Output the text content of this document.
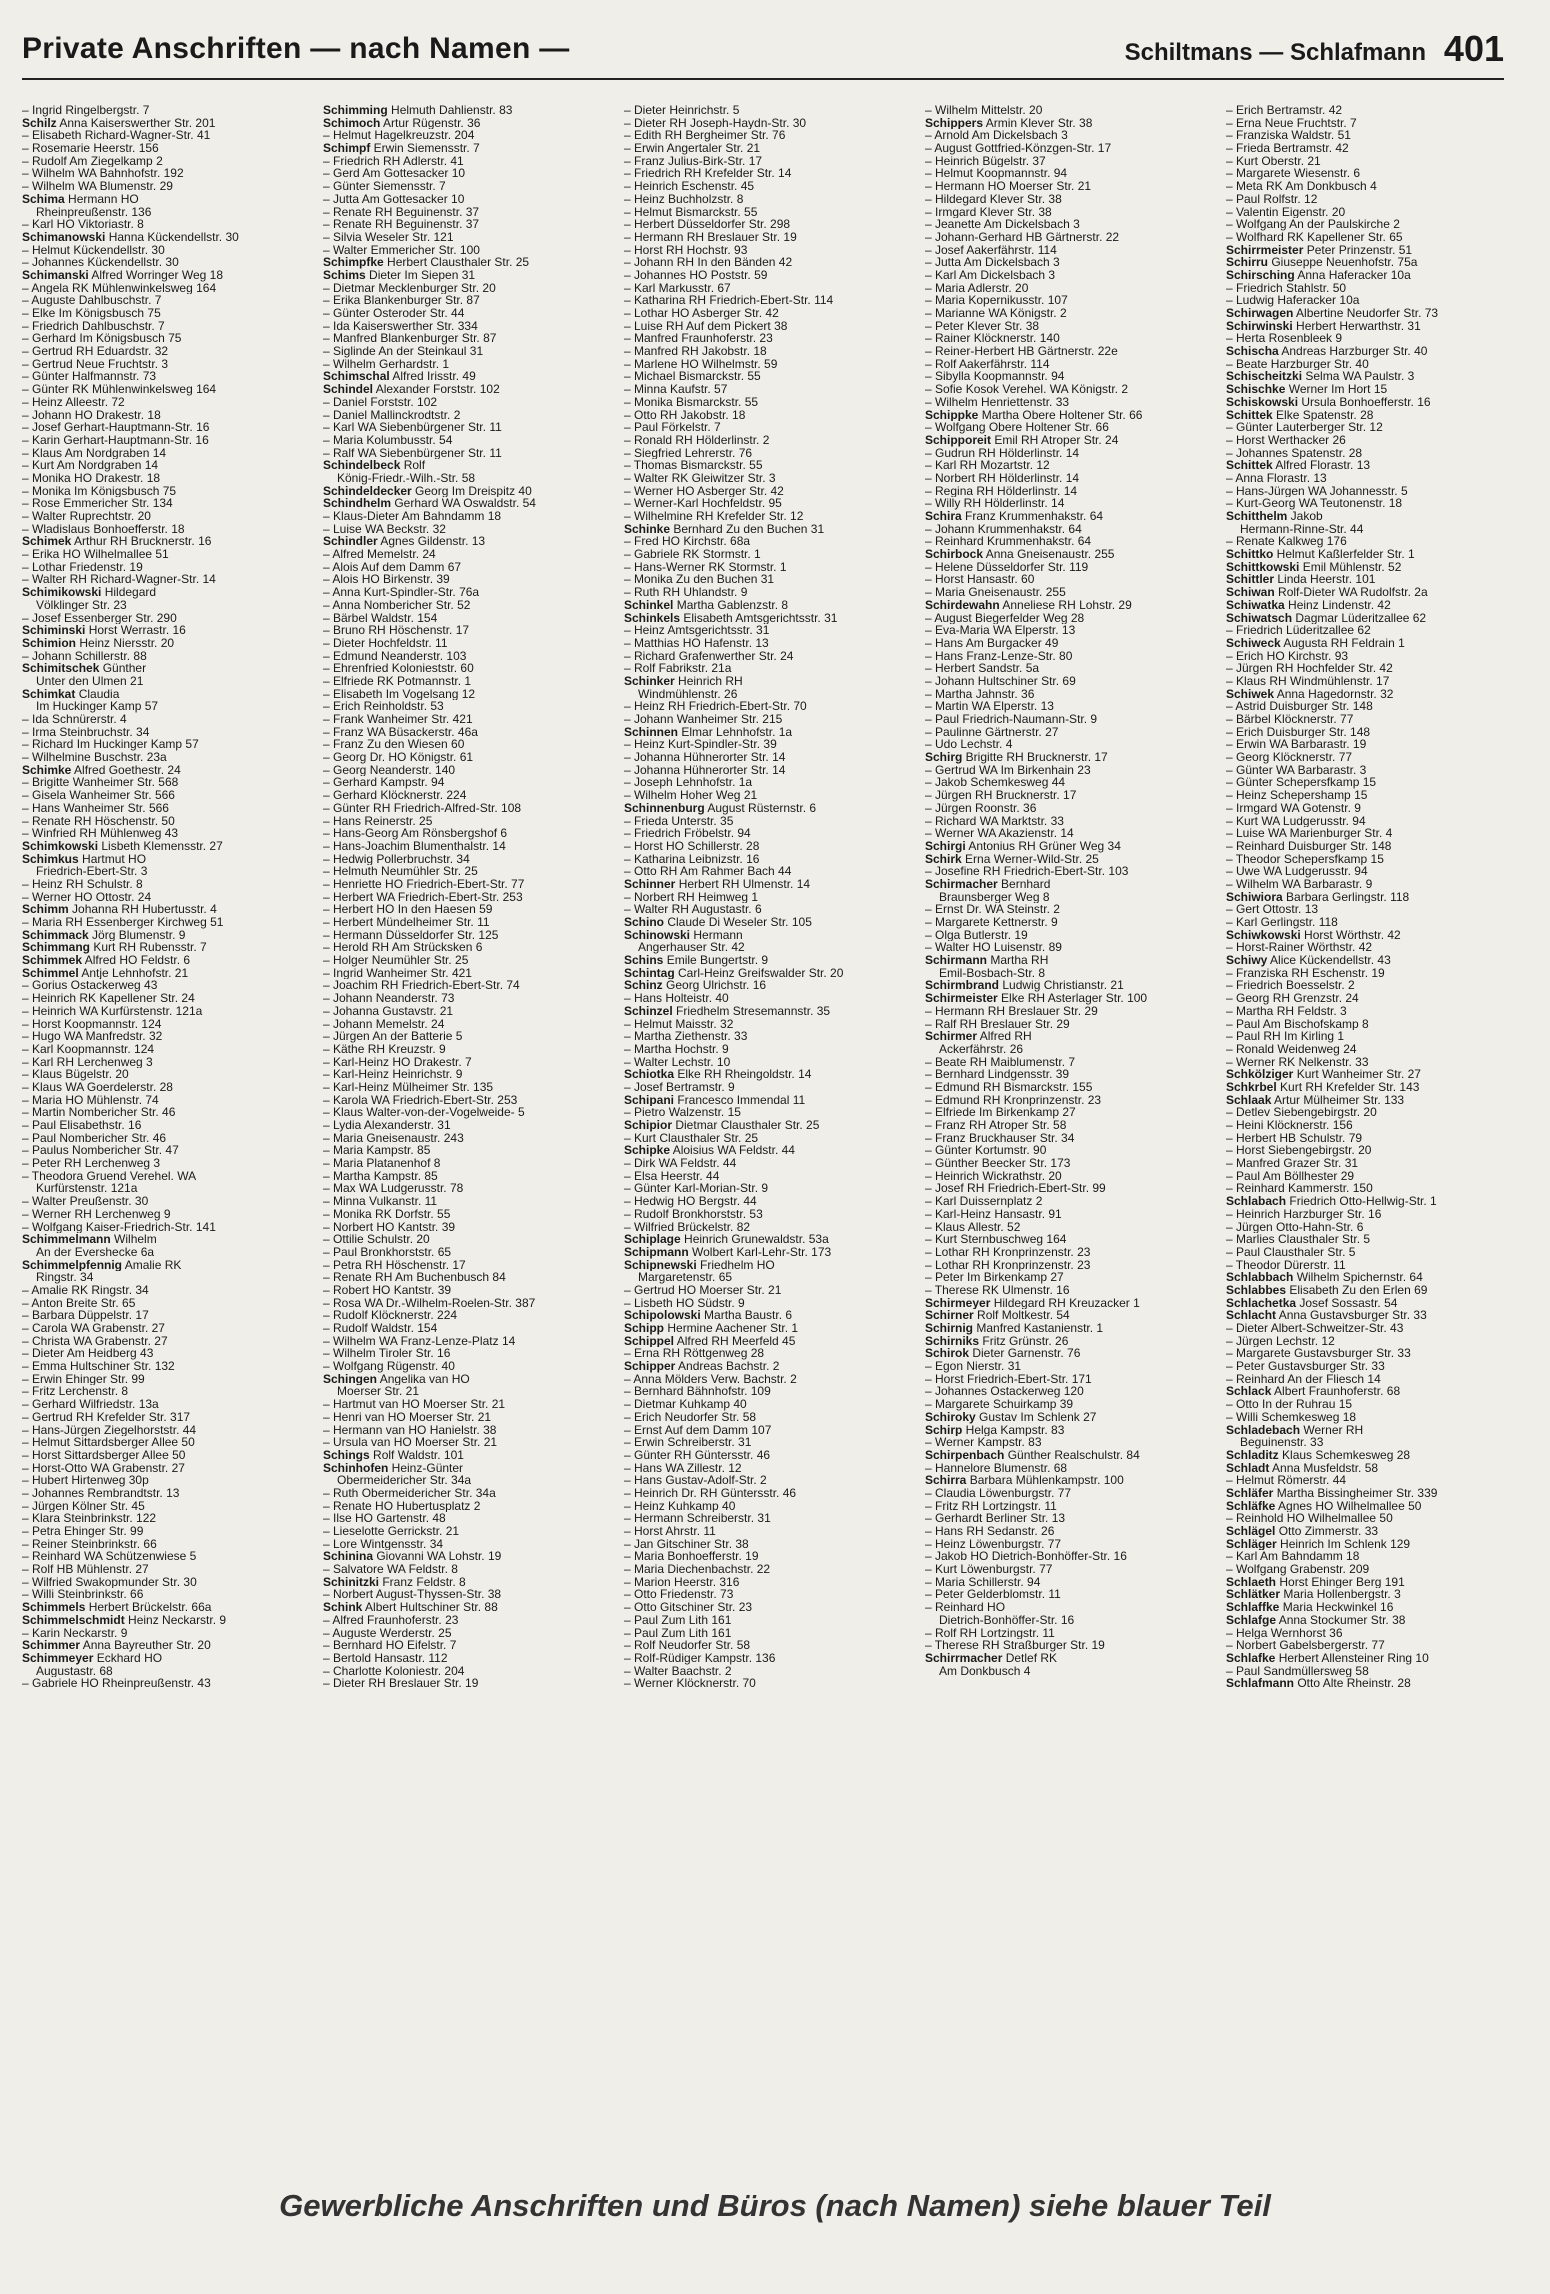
Private Anschriften — nach Namen —	Schiltmans — Schlafmann 401
– Ingrid Ringelbergstr. 7
Schilz Anna Kaiserswerther Str. 201
– Elisabeth Richard-Wagner-Str. 41
– Rosemarie Heerstr. 156
– Rudolf Am Ziegelkamp 2
– Wilhelm WA Bahnhofstr. 192
– Wilhelm WA Blumenstr. 29
Schima Hermann HO
Rheinpreußenstr. 136
– Karl HO Viktoriastr. 8
Schimanowski Hanna Kückendellstr. 30
– Helmut Kückendellstr. 30
– Johannes Kückendellstr. 30
Schimanski Alfred Worringer Weg 18
– Angela RK Mühlenwinkelsweg 164
– Auguste Dahlbuschstr. 7
– Elke Im Königsbusch 75
– Friedrich Dahlbuschstr. 7
– Gerhard Im Königsbusch 75
– Gertrud RH Eduardstr. 32
– Gertrud Neue Fruchtstr. 3
– Günter Halfmannstr. 73
– Günter RK Mühlenwinkelsweg 164
– Heinz Alleestr. 72
– Johann HO Drakestr. 18
– Josef Gerhart-Hauptmann-Str. 16
– Karin Gerhart-Hauptmann-Str. 16
– Klaus Am Nordgraben 14
– Kurt Am Nordgraben 14
– Monika HO Drakestr. 18
– Monika Im Königsbusch 75
– Rose Emmericher Str. 134
– Walter Ruprechtstr. 20
– Wladislaus Bonhoefferstr. 18
Schimek Arthur RH Brucknerstr. 16
– Erika HO Wilhelmallee 51
– Lothar Friedenstr. 19
– Walter RH Richard-Wagner-Str. 14
Schimikowski Hildegard
Völklinger Str. 23
– Josef Essenberger Str. 290
Schiminski Horst Werrastr. 16
Schimion Heinz Niersstr. 20
– Johann Schillerstr. 88
Schimitschek Günther
Unter den Ulmen 21
Schimkat Claudia
Im Huckinger Kamp 57
– Ida Schnürerstr. 4
– Irma Steinbruchstr. 34
– Richard Im Huckinger Kamp 57
– Wilhelmine Buschstr. 23a
Schimke Alfred Goethestr. 24
– Brigitte Wanheimer Str. 568
– Gisela Wanheimer Str. 566
– Hans Wanheimer Str. 566
– Renate RH Höschenstr. 50
– Winfried RH Mühlenweg 43
Schimkowski Lisbeth Klemensstr. 27
Schimkus Hartmut HO
Friedrich-Ebert-Str. 3
– Heinz RH Schulstr. 8
– Werner HO Ottostr. 24
Schimm Johanna RH Hubertusstr. 4
– Maria RH Essenberger Kirchweg 51
Schimmack Jörg Blumenstr. 9
Schimmang Kurt RH Rubensstr. 7
Schimmek Alfred HO Feldstr. 6
Schimmel Antje Lehnhofstr. 21
– Gorius Ostackerweg 43
– Heinrich RK Kapellener Str. 24
– Heinrich WA Kurfürstenstr. 121a
– Horst Koopmannstr. 124
– Hugo WA Manfredstr. 32
– Karl Koopmannstr. 124
– Karl RH Lerchenweg 3
– Klaus Bügelstr. 20
– Klaus WA Goerdelerstr. 28
– Maria HO Mühlenstr. 74
– Martin Nombericher Str. 46
– Paul Elisabethstr. 16
– Paul Nombericher Str. 46
– Paulus Nombericher Str. 47
– Peter RH Lerchenweg 3
– Theodora Gruend Verehel. WA
Kurfürstenstr. 121a
– Walter Preußenstr. 30
– Werner RH Lerchenweg 9
– Wolfgang Kaiser-Friedrich-Str. 141
Schimmelmann Wilhelm
An der Eversheckе 6a
Schimmelpfennig Amalie RK
Ringstr. 34
– Amalie RK Ringstr. 34
– Anton Breite Str. 65
– Barbara Düppelstr. 17
– Carola WA Grabenstr. 27
– Christa WA Grabenstr. 27
– Dieter Am Heidberg 43
– Emma Hultschiner Str. 132
– Erwin Ehinger Str. 99
– Fritz Lerchenstr. 8
– Gerhard Wilfriedstr. 13a
– Gertrud RH Krefelder Str. 317
– Hans-Jürgen Ziegelhorststr. 44
– Helmut Sittardsberger Allee 50
– Horst Sittardsberger Allee 50
– Horst-Otto WA Grabenstr. 27
– Hubert Hirtenweg 30p
– Johannes Rembrandtstr. 13
– Jürgen Kölner Str. 45
– Klara Steinbrinkstr. 122
– Petra Ehinger Str. 99
– Reiner Steinbrinkstr. 66
– Reinhard WA Schützenwiese 5
– Rolf HB Mühlenstr. 27
– Wilfried Swakopmunder Str. 30
– Willi Steinbrinkstr. 66
Schimmels Herbert Brückelstr. 66a
Schimmelschmidt Heinz Neckarstr. 9
– Karin Neckarstr. 9
Schimmer Anna Bayreuther Str. 20
Schimmeyer Eckhard HO
Augustastr. 68
– Gabriele HO Rheinpreußenstr. 43
Schimming Helmuth Dahlienstr. 83
Schimoch Artur Rügenstr. 36
– Helmut Hagelkreuzstr. 204
Schimpf Erwin Siemensstr. 7
– Friedrich RH Adlerstr. 41
– Gerd Am Gottesacker 10
– Günter Siemensstr. 7
– Jutta Am Gottesacker 10
– Renate RH Beguinenstr. 37
– Renate RH Beguinenstr. 37
– Silvia Weseler Str. 121
– Walter Emmericher Str. 100
Schimpfke Herbert Clausthaler Str. 25
Schims Dieter Im Siepen 31
– Dietmar Mecklenburger Str. 20
– Erika Blankenburger Str. 87
– Günter Osteroder Str. 44
– Ida Kaiserswerther Str. 334
– Manfred Blankenburger Str. 87
– Siglinde An der Steinkaul 31
– Wilhelm Gerhardstr. 1
Schimschal Alfred Irisstr. 49
Schindel Alexander Forststr. 102
– Daniel Forststr. 102
– Daniel Mallinckrodtstr. 2
– Karl WA Siebenbürgener Str. 11
– Maria Kolumbusstr. 54
– Ralf WA Siebenbürgener Str. 11
Schindelbeck Rolf
König-Friedr.-Wilh.-Str. 58
Schindeldecker Georg Im Dreispitz 40
Schindhelm Gerhard WA Oswaldstr. 54
– Klaus-Dieter Am Bahndamm 18
– Luise WA Beckstr. 32
Schindler Agnes Gildenstr. 13
– Alfred Memelstr. 24
– Alois Auf dem Damm 67
– Alois HO Birkenstr. 39
– Anna Kurt-Spindler-Str. 76a
– Anna Nombericher Str. 52
– Bärbel Waldstr. 154
– Bruno RH Höschenstr. 17
– Dieter Hochfeldstr. 11
– Edmund Neanderstr. 103
– Ehrenfried Kolonieststr. 60
– Elfriede RK Potmannstr. 1
– Elisabeth Im Vogelsang 12
– Erich Reinholdstr. 53
– Frank Wanheimer Str. 421
– Franz WA Büsackerstr. 46a
– Franz Zu den Wiesen 60
– Georg Dr. HO Königstr. 61
– Georg Neanderstr. 140
– Gerhard Kampstr. 94
– Gerhard Klöcknerstr. 224
– Günter RH Friedrich-Alfred-Str. 108
– Hans Reinerstr. 25
– Hans-Georg Am Rönsbergshof 6
– Hans-Joachim Blumenthalstr. 14
– Hedwig Pollerbruchstr. 34
– Helmuth Neumühler Str. 25
– Henriette HO Friedrich-Ebert-Str. 77
– Herbert WA Friedrich-Ebert-Str. 253
– Herbert HO In den Haesen 59
– Herbert Mündelheimer Str. 11
– Hermann Düsseldorfer Str. 125
– Herold RH Am Strücksken 6
– Holger Neumühler Str. 25
– Ingrid Wanheimer Str. 421
– Joachim RH Friedrich-Ebert-Str. 74
– Johann Neanderstr. 73
– Johanna Gustavstr. 21
– Johann Memelstr. 24
– Jürgen An der Batterie 5
– Käthe RH Kreuzstr. 9
– Karl-Heinz HO Drakestr. 7
– Karl-Heinz Heinrichstr. 9
– Karl-Heinz Mülheimer Str. 135
– Karola WA Friedrich-Ebert-Str. 253
– Klaus Walter-von-der-Vogelweide- 5
– Lydia Alexanderstr. 31
– Maria Gneisenaustr. 243
– Maria Kampstr. 85
– Maria Platanenhof 8
– Martha Kampstr. 85
– Max WA Ludgerusstr. 78
– Minna Vulkanstr. 11
– Monika RK Dorfstr. 55
– Norbert HO Kantstr. 39
– Ottilie Schulstr. 20
– Paul Bronkhorststr. 65
– Petra RH Höschenstr. 17
– Renate RH Am Buchenbusch 84
– Robert HO Kantstr. 39
– Rosa WA Dr.-Wilhelm-Roelen-Str. 387
– Rudolf Klöcknerstr. 224
– Rudolf Waldstr. 154
– Wilhelm WA Franz-Lenze-Platz 14
– Wilhelm Tiroler Str. 16
– Wolfgang Rügenstr. 40
Schingen Angelika van HO
Moerser Str. 21
– Hartmut van HO Moerser Str. 21
– Henri van HO Moerser Str. 21
– Hermann van HO Hanielstr. 38
– Ursula van HO Moerser Str. 21
Schings Rolf Waldstr. 101
Schinhofen Heinz-Günter
Obermeidericher Str. 34a
– Ruth Obermeidericher Str. 34a
– Renate HO Hubertusplatz 2
– Ilse HO Gartenstr. 48
– Lieselotte Gerrickstr. 21
– Lore Wintgensstr. 34
Schinina Giovanni WA Lohstr. 19
– Salvatore WA Feldstr. 8
Schinitzki Franz Feldstr. 8
– Norbert August-Thyssen-Str. 38
Schink Albert Hultschiner Str. 88
– Alfred Fraunhoferstr. 23
– Auguste Werderstr. 25
– Bernhard HO Eifelstr. 7
– Bertold Hansastr. 112
– Charlotte Koloniestr. 204
– Dieter RH Breslauer Str. 19
– Dieter Heinrichstr. 5
– Dieter RH Joseph-Haydn-Str. 30
– Edith RH Bergheimer Str. 76
– Erwin Angertaler Str. 21
– Franz Julius-Birk-Str. 17
– Friedrich RH Krefelder Str. 14
– Heinrich Eschenstr. 45
– Heinz Buchholzstr. 8
– Helmut Bismarckstr. 55
– Herbert Düsseldorfer Str. 298
– Hermann RH Breslauer Str. 19
– Horst RH Hochstr. 93
– Johann RH In den Bänden 42
– Johannes HO Poststr. 59
– Karl Markusstr. 67
– Katharina RH Friedrich-Ebert-Str. 114
– Lothar HO Asberger Str. 42
– Luise RH Auf dem Pickert 38
– Manfred Fraunhoferstr. 23
– Manfred RH Jakobstr. 18
– Marlene HO Wilhelmstr. 59
– Michael Bismarckstr. 55
– Minna Kaufstr. 57
– Monika Bismarckstr. 55
– Otto RH Jakobstr. 18
– Paul Förkelstr. 7
– Ronald RH Hölderlinstr. 2
– Siegfried Lehrerstr. 76
– Thomas Bismarckstr. 55
– Walter RK Gleiwitzer Str. 3
– Werner HO Asberger Str. 42
– Werner-Karl Hochfeldstr. 95
– Wilhelmine RH Krefelder Str. 12
Schinke Bernhard Zu den Buchen 31
– Fred HO Kirchstr. 68a
– Gabriele RK Stormstr. 1
– Hans-Werner RK Stormstr. 1
– Monika Zu den Buchen 31
– Ruth RH Uhlandstr. 9
Schinkel Martha Gablenzstr. 8
Schinkels Elisabeth Amtsgerichtsstr. 31
– Heinz Amtsgerichtsstr. 31
– Matthias HO Hafenstr. 13
– Richard Grafenwerther Str. 24
– Rolf Fabrikstr. 21a
Schinker Heinrich RH
Windmühlenstr. 26
– Heinz RH Friedrich-Ebert-Str. 70
– Johann Wanheimer Str. 215
Schinnen Elmar Lehnhofstr. 1a
– Heinz Kurt-Spindler-Str. 39
– Johanna Hühnerorter Str. 14
– Johanna Hühnerorter Str. 14
– Joseph Lehnhofstr. 1a
– Wilhelm Hoher Weg 21
Schinnenburg August Rüsternstr. 6
– Frieda Unterstr. 35
– Friedrich Fröbelstr. 94
– Horst HO Schillerstr. 28
– Katharina Leibnizstr. 16
– Otto RH Am Rahmer Bach 44
Schinner Herbert RH Ulmenstr. 14
– Norbert RH Heimweg 1
– Walter RH Augustastr. 6
Schino Claude Di Weseler Str. 105
Schinowski Hermann
Angerhauser Str. 42
Schins Emile Bungertstr. 9
Schintag Carl-Heinz Greifswalder Str. 20
Schinz Georg Ulrichstr. 16
– Hans Holteistr. 40
Schinzel Friedhelm Stresemannstr. 35
– Helmut Maisstr. 32
– Martha Ziethenstr. 33
– Martha Hochstr. 9
– Walter Lechstr. 10
Schiotka Elke RH Rheingoldstr. 14
– Josef Bertramstr. 9
Schipani Francesco Immendal 11
– Pietro Walzenstr. 15
Schipior Dietmar Clausthaler Str. 25
– Kurt Clausthaler Str. 25
Schipke Aloisius WA Feldstr. 44
– Dirk WA Feldstr. 44
– Elsa Heerstr. 44
– Günter Karl-Morian-Str. 9
– Hedwig HO Bergstr. 44
– Rudolf Bronkhorststr. 53
– Wilfried Brückelstr. 82
Schiplage Heinrich Grunewaldstr. 53a
Schipmann Wolbert Karl-Lehr-Str. 173
Schipnewski Friedhelm HO
Margaretenstr. 65
– Gertrud HO Moerser Str. 21
– Lisbeth HO Südstr. 9
Schipolowski Martha Baustr. 6
Schipp Hermine Aachener Str. 1
Schippel Alfred RH Meerfeld 45
– Erna RH Röttgenweg 28
Schipper Andreas Bachstr. 2
– Anna Mölders Verw. Bachstr. 2
– Bernhard Bähnhofstr. 109
– Dietmar Kuhkamp 40
– Erich Neudorfer Str. 58
– Ernst Auf dem Damm 107
– Erwin Schreiberstr. 31
– Günter RH Güntersstr. 46
– Hans WA Zillestr. 12
– Hans Gustav-Adolf-Str. 2
– Heinrich Dr. RH Güntersstr. 46
– Heinz Kuhkamp 40
– Hermann Schreiberstr. 31
– Horst Ahrstr. 11
– Jan Gitschiner Str. 38
– Maria Bonhoefferstr. 19
– Maria Diechenbachstr. 22
– Marion Heerstr. 316
– Otto Friedenstr. 73
– Otto Gitschiner Str. 23
– Paul Zum Lith 161
– Paul Zum Lith 161
– Rolf Neudorfer Str. 58
– Rolf-Rüdiger Kampstr. 136
– Walter Baachstr. 2
– Werner Klöcknerstr. 70
– Wilhelm Mittelstr. 20
Schippers Armin Klever Str. 38
– Arnold Am Dickelsbach 3
– August Gottfried-Könzgen-Str. 17
– Heinrich Bügelstr. 37
– Helmut Koopmannstr. 94
– Hermann HO Moerser Str. 21
– Hildegard Klever Str. 38
– Irmgard Klever Str. 38
– Jeanette Am Dickelsbach 3
– Johann-Gerhard HB Gärtnerstr. 22
– Josef Aakerfährstr. 114
– Jutta Am Dickelsbach 3
– Karl Am Dickelsbach 3
– Maria Adlerstr. 20
– Maria Kopernikusstr. 107
– Marianne WA Königstr. 2
– Peter Klever Str. 38
– Rainer Klöcknerstr. 140
– Reiner-Herbert HB Gärtnerstr. 22e
– Rolf Aakerfährstr. 114
– Sibylla Koopmannstr. 94
– Sofie Kosok Verehel. WA Königstr. 2
– Wilhelm Henriettenstr. 33
Schippke Martha Obere Holtener Str. 66
– Wolfgang Obere Holtener Str. 66
Schipporeit Emil RH Atroper Str. 24
– Gudrun RH Hölderlinstr. 14
– Karl RH Mozartstr. 12
– Norbert RH Hölderlinstr. 14
– Regina RH Hölderlinstr. 14
– Willy RH Hölderlinstr. 14
Schira Franz Krummenhakstr. 64
– Johann Krummenhakstr. 64
– Reinhard Krummenhakstr. 64
Schirbock Anna Gneisenaustr. 255
– Helene Düsseldorfer Str. 119
– Horst Hansastr. 60
– Maria Gneisenaustr. 255
Schirdewahn Anneliese RH Lohstr. 29
– August Biegerfelder Weg 28
– Eva-Maria WA Elperstr. 13
– Hans Am Burgacker 49
– Hans Franz-Lenze-Str. 80
– Herbert Sandstr. 5a
– Johann Hultschiner Str. 69
– Martha Jahnstr. 36
– Martin WA Elperstr. 13
– Paul Friedrich-Naumann-Str. 9
– Paulinne Gärtnerstr. 27
– Udo Lechstr. 4
Schirg Brigitte RH Brucknerstr. 17
– Gertrud WA Im Birkenhain 23
– Jakob Schemkesweg 44
– Jürgen RH Brucknerstr. 17
– Jürgen Roonstr. 36
– Richard WA Marktstr. 33
– Werner WA Akazienstr. 14
Schirgi Antonius RH Grüner Weg 34
Schirk Erna Werner-Wild-Str. 25
– Josefine RH Friedrich-Ebert-Str. 103
Schirmacher Bernhard
Braunsberger Weg 8
– Ernst Dr. WA Steinstr. 2
– Margarete Kettnerstr. 9
– Olga Butlerstr. 19
– Walter HO Luisenstr. 89
Schirmann Martha RH
Emil-Bosbach-Str. 8
Schirmbrand Ludwig Christianstr. 21
Schirmeister Elke RH Asterlager Str. 100
– Hermann RH Breslauer Str. 29
– Ralf RH Breslauer Str. 29
Schirmer Alfred RH
Ackerfährstr. 26
– Beate RH Maiblumenstr. 7
– Bernhard Lindgensstr. 39
– Edmund RH Bismarckstr. 155
– Edmund RH Kronprinzenstr. 23
– Elfriede Im Birkenkamp 27
– Franz RH Atroper Str. 58
– Franz Bruckhauser Str. 34
– Günter Kortumstr. 90
– Günther Beecker Str. 173
– Heinrich Wickrathstr. 20
– Josef RH Friedrich-Ebert-Str. 99
– Karl Duissernplatz 2
– Karl-Heinz Hansastr. 91
– Klaus Allestr. 52
– Kurt Sternbuschweg 164
– Lothar RH Kronprinzenstr. 23
– Lothar RH Kronprinzenstr. 23
– Peter Im Birkenkamp 27
– Therese RK Ulmenstr. 16
Schirmeyer Hildegard RH Kreuzacker 1
Schirner Rolf Moltkestr. 54
Schirnig Manfred Kastanienstr. 1
Schirniks Fritz Grünstr. 26
Schirok Dieter Garnenstr. 76
– Egon Nierstr. 31
– Horst Friedrich-Ebert-Str. 171
– Johannes Ostackerweg 120
– Margarete Schuirkamp 39
Schiroky Gustav Im Schlenk 27
Schirp Helga Kampstr. 83
– Werner Kampstr. 83
Schirpenbach Günther Realschulstr. 84
– Hannelore Blumenstr. 68
Schirra Barbara Mühlenkampstr. 100
– Claudia Löwenburgstr. 77
– Fritz RH Lortzingstr. 11
– Gerhardt Berliner Str. 13
– Hans RH Sedanstr. 26
– Heinz Löwenburgstr. 77
– Jakob HO Dietrich-Bonhöffer-Str. 16
– Kurt Löwenburgstr. 77
– Maria Schillerstr. 94
– Peter Gelderblomstr. 11
– Reinhard HO
Dietrich-Bonhöffer-Str. 16
– Rolf RH Lortzingstr. 11
– Therese RH Straßburger Str. 19
Schirrmacher Detlef RK
Am Donkbusch 4
– Erich Bertramstr. 42
– Erna Neue Fruchtstr. 7
– Franziska Waldstr. 51
– Frieda Bertramstr. 42
– Kurt Oberstr. 21
– Margarete Wiesenstr. 6
– Meta RK Am Donkbusch 4
– Paul Rolfstr. 12
– Valentin Eigenstr. 20
– Wolfgang An der Paulskirche 2
– Wolfhard RK Kapellener Str. 65
Schirrmeister Peter Prinzenstr. 51
Schirru Giuseppe Neuenhofstr. 75a
Schirsching Anna Haferacker 10a
– Friedrich Stahlstr. 50
– Ludwig Haferacker 10a
Schirwagen Albertine Neudorfer Str. 73
Schirwinski Herbert Herwarthstr. 31
– Herta Rosenbleek 9
Schischa Andreas Harzburger Str. 40
– Beate Harzburger Str. 40
Schischeitzki Selma WA Paulstr. 3
Schischke Werner Im Hort 15
Schiskowski Ursula Bonhoefferstr. 16
Schittek Elke Spatenstr. 28
– Günter Lauterberger Str. 12
– Horst Werthacker 26
– Johannes Spatenstr. 28
Schittek Alfred Florastr. 13
– Anna Florastr. 13
– Hans-Jürgen WA Johannesstr. 5
– Kurt-Georg WA Teutonenstr. 18
Schitthelm Jakob
Hermann-Rinne-Str. 44
– Renate Kalkweg 176
Schittko Helmut Kaßlerfelder Str. 1
Schittkowski Emil Mühlenstr. 52
Schittler Linda Heerstr. 101
Schiwan Rolf-Dieter WA Rudolfstr. 2a
Schiwatka Heinz Lindenstr. 42
Schiwatsch Dagmar Lüderitzallee 62
– Friedrich Lüderitzallee 62
Schiweck Augusta RH Feldrain 1
– Erich HO Kirchstr. 93
– Jürgen RH Hochfelder Str. 42
– Klaus RH Windmühlenstr. 17
Schiwek Anna Hagedornstr. 32
– Astrid Duisburger Str. 148
– Bärbel Klöcknerstr. 77
– Erich Duisburger Str. 148
– Erwin WA Barbarastr. 19
– Georg Klöcknerstr. 77
– Günter WA Barbarastr. 3
– Günter Schepersfkamp 15
– Heinz Schepershamp 15
– Irmgard WA Gotenstr. 9
– Kurt WA Ludgerusstr. 94
– Luise WA Marienburger Str. 4
– Reinhard Duisburger Str. 148
– Theodor Schepersfkamp 15
– Uwe WA Ludgerusstr. 94
– Wilhelm WA Barbarastr. 9
Schiwiora Barbara Gerlingstr. 118
– Gert Ottostr. 13
– Karl Gerlingstr. 118
Schiwkowski Horst Wörthstr. 42
– Horst-Rainer Wörthstr. 42
Schiwy Alice Kückendellstr. 43
– Franziska RH Eschenstr. 19
– Friedrich Boesselstr. 2
– Georg RH Grenzstr. 24
– Martha RH Feldstr. 3
– Paul Am Bischofskamp 8
– Paul RH Im Kirling 1
– Ronald Weidenweg 24
– Werner RK Nelkenstr. 33
Schkölziger Kurt Wanheimer Str. 27
Schkrbel Kurt RH Krefelder Str. 143
Schlaak Artur Mülheimer Str. 133
– Detlev Siebengebirgstr. 20
– Heini Klöcknerstr. 156
– Herbert HB Schulstr. 79
– Horst Siebengebirgstr. 20
– Manfred Grazer Str. 31
– Paul Am Böllhester 29
– Reinhard Kammerstr. 150
Schlabach Friedrich Otto-Hellwig-Str. 1
– Heinrich Harzburger Str. 16
– Jürgen Otto-Hahn-Str. 6
– Marlies Clausthaler Str. 5
– Paul Clausthaler Str. 5
– Theodor Dürerstr. 11
Schlabbach Wilhelm Spichernstr. 64
Schlabbes Elisabeth Zu den Erlen 69
Schlachetka Josef Sossastr. 54
Schlacht Anna Gustavsburger Str. 33
– Dieter Albert-Schweitzer-Str. 43
– Jürgen Lechstr. 12
– Margarete Gustavsburger Str. 33
– Peter Gustavsburger Str. 33
– Reinhard An der Fliesch 14
Schlack Albert Fraunhoferstr. 68
– Otto In der Ruhrau 15
– Willi Schemkesweg 18
Schladebach Werner RH
Beguinenstr. 33
Schladitz Klaus Schemkesweg 28
Schladt Anna Musfeldstr. 58
– Helmut Römerstr. 44
Schläfer Martha Bissingheimer Str. 339
Schläfke Agnes HO Wilhelmallee 50
– Reinhold HO Wilhelmallee 50
Schlägel Otto Zimmerstr. 33
Schläger Heinrich Im Schlenk 129
– Karl Am Bahndamm 18
– Wolfgang Grabenstr. 209
Schlaeth Horst Ehinger Berg 191
Schlätker Maria Hollenbergstr. 3
Schlaffke Maria Heckwinkel 16
Schlafge Anna Stockumer Str. 38
– Helga Wernhorst 36
– Norbert Gabelsbergerstr. 77
Schlafke Herbert Allensteiner Ring 10
– Paul Sandmüllersweg 58
Schlafmann Otto Alte Rheinstr. 28
Gewerbliche Anschriften und Büros (nach Namen) siehe blauer Teil
